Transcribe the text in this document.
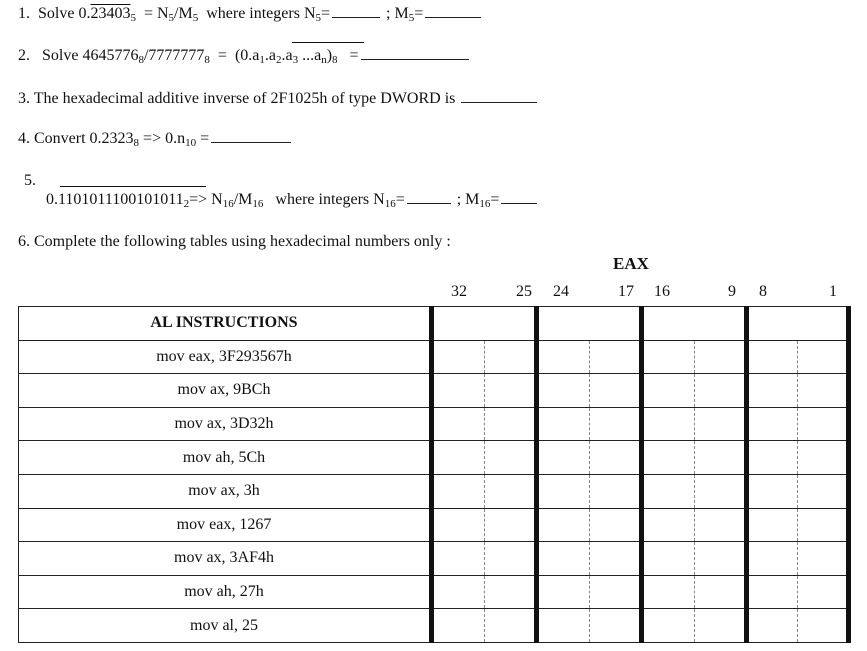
1. Solve $0.23403_5 = N_5/M_5$ where integers $N_5=$	; $M_5=$
2. Solve $4645776_8/7777777_8 = (0.a_1.a_2.a_3$ $...a_n)_8$ =
3. The hexadecimal additive inverse of 2F1025h of type DWORD is
4. Convert $0.2323_8 => 0.n_{10}$ =
5.
$0.1101011100101011_2=> N_{16}/M_{16}$ where integers $N_{16}=$	; $M_{16}=$
6. Complete the following tables using hexadecimal numbers only :
EAX
32	25 24	17 16	9 8	1
AL INSTRUCTIONS								
mov eax, 3F293567h								
mov ax, 9BCh								
mov ax, 3D32h								
mov ah, 5Ch								
mov ax, 3h								
mov eax, 1267								
mov ax, 3AF4h								
mov ah, 27h								
mov al, 25								
